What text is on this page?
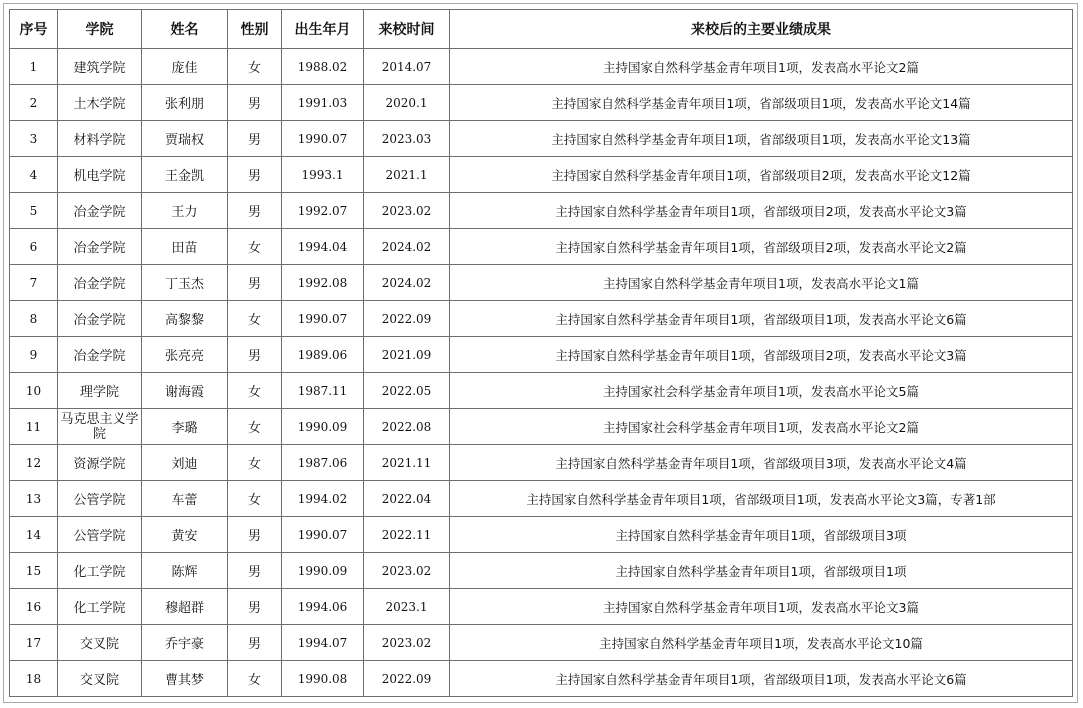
序号	学院	姓名	性别	出生年月	来校时间	来校后的主要业绩成果
1	建筑学院	庞佳	女	1988.02	2014.07	主持国家自然科学基金青年项目1项，发表高水平论文2篇
2	土木学院	张利朋	男	1991.03	2020.1	主持国家自然科学基金青年项目1项，省部级项目1项，发表高水平论文14篇
3	材料学院	贾瑞权	男	1990.07	2023.03	主持国家自然科学基金青年项目1项，省部级项目1项，发表高水平论文13篇
4	机电学院	王金凯	男	1993.1	2021.1	主持国家自然科学基金青年项目1项，省部级项目2项，发表高水平论文12篇
5	冶金学院	王力	男	1992.07	2023.02	主持国家自然科学基金青年项目1项，省部级项目2项，发表高水平论文3篇
6	冶金学院	田苗	女	1994.04	2024.02	主持国家自然科学基金青年项目1项，省部级项目2项，发表高水平论文2篇
7	冶金学院	丁玉杰	男	1992.08	2024.02	主持国家自然科学基金青年项目1项，发表高水平论文1篇
8	冶金学院	高黎黎	女	1990.07	2022.09	主持国家自然科学基金青年项目1项，省部级项目1项，发表高水平论文6篇
9	冶金学院	张亮亮	男	1989.06	2021.09	主持国家自然科学基金青年项目1项，省部级项目2项，发表高水平论文3篇
10	理学院	谢海霞	女	1987.11	2022.05	主持国家社会科学基金青年项目1项，发表高水平论文5篇
11	马克思主义学院	李璐	女	1990.09	2022.08	主持国家社会科学基金青年项目1项，发表高水平论文2篇
12	资源学院	刘迪	女	1987.06	2021.11	主持国家自然科学基金青年项目1项，省部级项目3项，发表高水平论文4篇
13	公管学院	车蕾	女	1994.02	2022.04	主持国家自然科学基金青年项目1项，省部级项目1项，发表高水平论文3篇，专著1部
14	公管学院	黄安	男	1990.07	2022.11	主持国家自然科学基金青年项目1项，省部级项目3项
15	化工学院	陈辉	男	1990.09	2023.02	主持国家自然科学基金青年项目1项，省部级项目1项
16	化工学院	穆超群	男	1994.06	2023.1	主持国家自然科学基金青年项目1项，发表高水平论文3篇
17	交叉院	乔宇豪	男	1994.07	2023.02	主持国家自然科学基金青年项目1项，发表高水平论文10篇
18	交叉院	曹其梦	女	1990.08	2022.09	主持国家自然科学基金青年项目1项，省部级项目1项，发表高水平论文6篇
